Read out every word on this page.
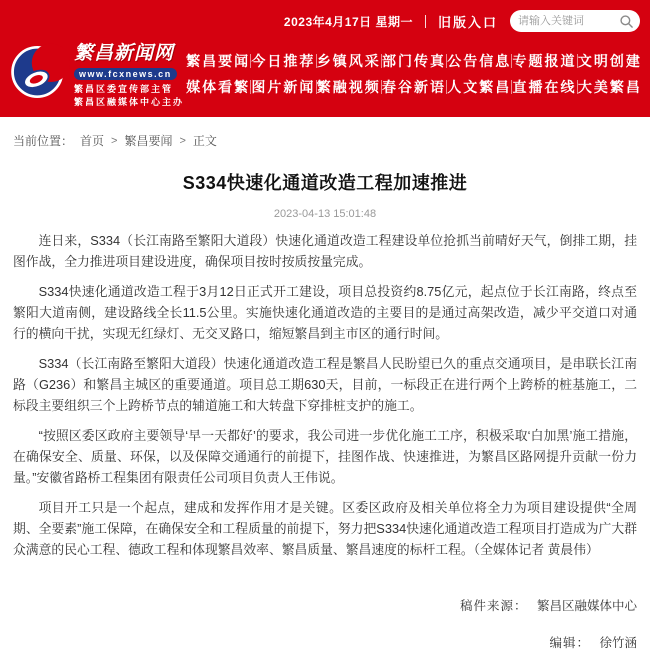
2023年4月17日 星期一 旧版入口
请输入关键词
繁昌新闻网
www.fcxnews.cn
繁昌区委宣传部主管
繁昌区融媒体中心主办
繁昌要闻 今日推荐 乡镇风采 部门传真 公告信息 专题报道 文明创建
媒体看繁 图片新闻 繁融视频 春谷新语 人文繁昌 直播在线 大美繁昌
当前位置： 首页 > 繁昌要闻 > 正文
S334快速化通道改造工程加速推进
2023-04-13 15:01:48

连日来，S334（长江南路至繁阳大道段）快速化通道改造工程建设单位抢抓当前晴好天气，倒排工期，挂图作战，全力推进项目建设进度，确保项目按时按质按量完成。

S334快速化通道改造工程于3月12日正式开工建设，项目总投资约8.75亿元，起点位于长江南路，终点至繁阳大道南侧，建设路线全长11.5公里。实施快速化通道改造的主要目的是通过高架改造，减少平交道口对通行的横向干扰，实现无红绿灯、无交叉路口，缩短繁昌到主市区的通行时间。

S334（长江南路至繁阳大道段）快速化通道改造工程是繁昌人民盼望已久的重点交通项目，是串联长江南路（G236）和繁昌主城区的重要通道。项目总工期630天，目前，一标段正在进行两个上跨桥的桩基施工，二标段主要组织三个上跨桥节点的辅道施工和大转盘下穿排桩支护的施工。

“按照区委区政府主要领导‘早一天都好’的要求，我公司进一步优化施工工序，积极采取‘白加黑’施工措施，在确保安全、质量、环保，以及保障交通通行的前提下，挂图作战、快速推进，为繁昌区路网提升贡献一份力量。”安徽省路桥工程集团有限责任公司项目负责人王伟说。

项目开工只是一个起点，建成和发挥作用才是关键。区委区政府及相关单位将全力为项目建设提供“全周期、全要素”施工保障，在确保安全和工程质量的前提下，努力把S334快速化通道改造工程项目打造成为广大群众满意的民心工程、德政工程和体现繁昌效率、繁昌质量、繁昌速度的标杆工程。（全媒体记者 黄晨伟）

稿件来源： 繁昌区融媒体中心
编辑： 徐竹涵
